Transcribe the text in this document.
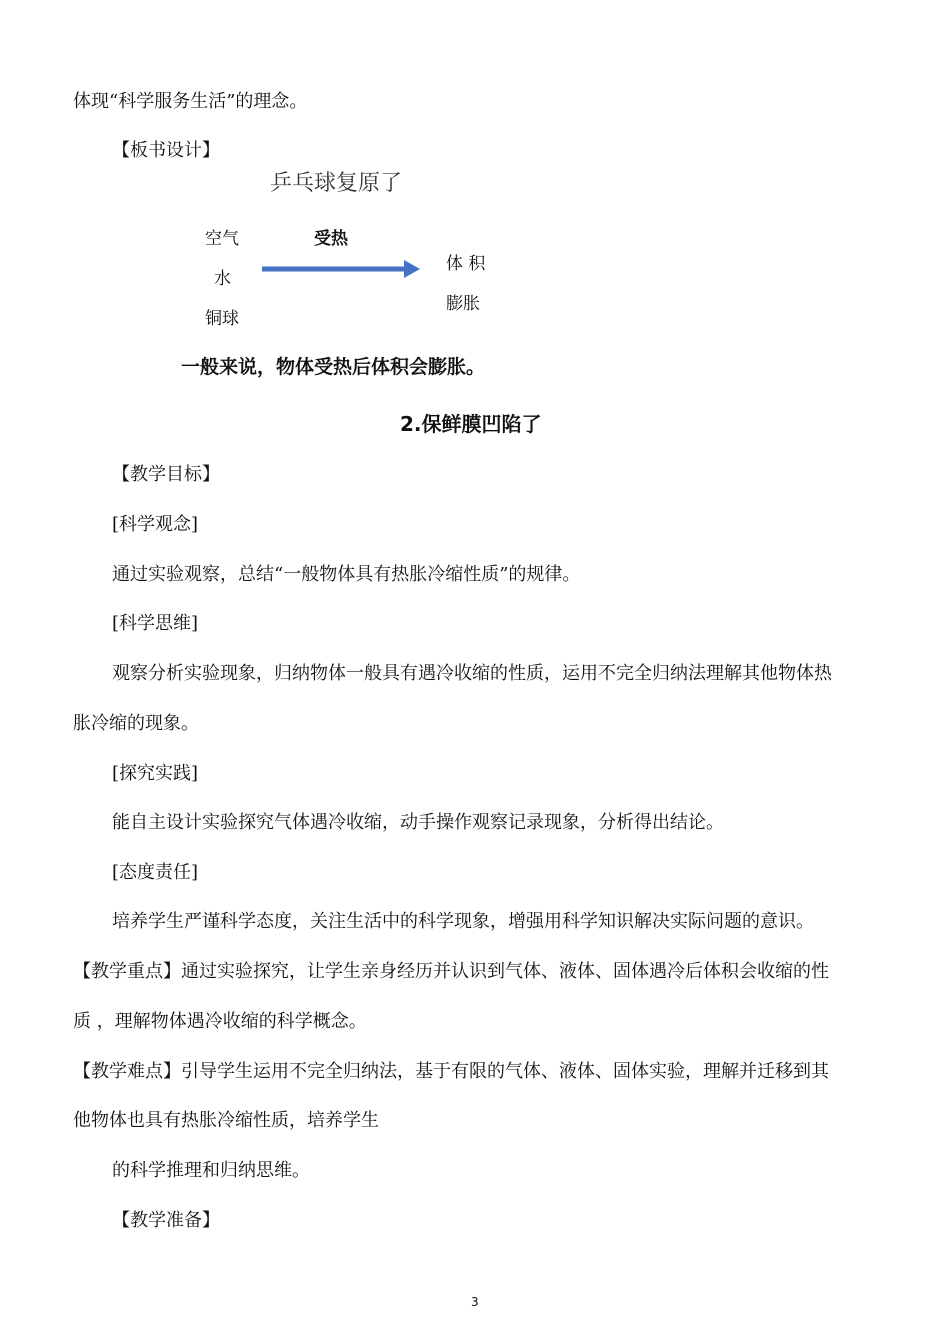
体现“科学服务生活”的理念。
【板书设计】
乒乓球复原了
空气
水
铜球
受热
体 积
膨胀
一般来说，物体受热后体积会膨胀。
2.保鲜膜凹陷了
【教学目标】
[科学观念]
通过实验观察，总结“一般物体具有热胀冷缩性质”的规律。
[科学思维]
观察分析实验现象，归纳物体一般具有遇冷收缩的性质，运用不完全归纳法理解其他物体热
胀冷缩的现象。
[探究实践]
能自主设计实验探究气体遇冷收缩，动手操作观察记录现象，分析得出结论。
[态度责任]
培养学生严谨科学态度，关注生活中的科学现象，增强用科学知识解决实际问题的意识。
【教学重点】通过实验探究，让学生亲身经历并认识到气体、液体、固体遇冷后体积会收缩的性
质 ，理解物体遇冷收缩的科学概念。
【教学难点】引导学生运用不完全归纳法，基于有限的气体、液体、固体实验，理解并迁移到其
他物体也具有热胀冷缩性质，培养学生
的科学推理和归纳思维。
【教学准备】
3
